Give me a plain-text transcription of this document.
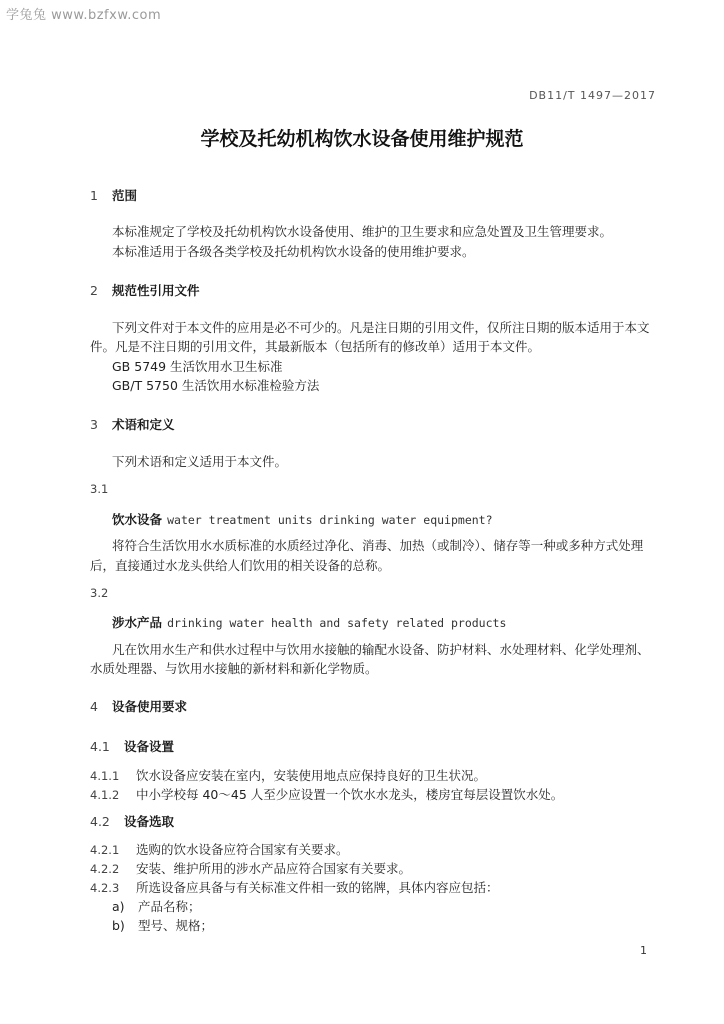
学兔兔 www.bzfxw.com
DB11/T 1497—2017
学校及托幼机构饮水设备使用维护规范
1 范围
本标准规定了学校及托幼机构饮水设备使用、维护的卫生要求和应急处置及卫生管理要求。
本标准适用于各级各类学校及托幼机构饮水设备的使用维护要求。
2 规范性引用文件
下列文件对于本文件的应用是必不可少的。凡是注日期的引用文件，仅所注日期的版本适用于本文
件。凡是不注日期的引用文件，其最新版本（包括所有的修改单）适用于本文件。
GB 5749 生活饮用水卫生标准
GB/T 5750 生活饮用水标准检验方法
3 术语和定义
下列术语和定义适用于本文件。
3.1
饮水设备 water treatment units drinking water equipment?
将符合生活饮用水水质标准的水质经过净化、消毒、加热（或制冷）、储存等一种或多种方式处理
后，直接通过水龙头供给人们饮用的相关设备的总称。
3.2
涉水产品 drinking water health and safety related products
凡在饮用水生产和供水过程中与饮用水接触的输配水设备、防护材料、水处理材料、化学处理剂、
水质处理器、与饮用水接触的新材料和新化学物质。
4 设备使用要求
4.1 设备设置
4.1.1 饮水设备应安装在室内，安装使用地点应保持良好的卫生状况。
4.1.2 中小学校每 40～45 人至少应设置一个饮水水龙头，楼房宜每层设置饮水处。
4.2 设备选取
4.2.1 选购的饮水设备应符合国家有关要求。
4.2.2 安装、维护所用的涉水产品应符合国家有关要求。
4.2.3 所选设备应具备与有关标准文件相一致的铭牌，具体内容应包括：
a) 产品名称；
b) 型号、规格；
1
